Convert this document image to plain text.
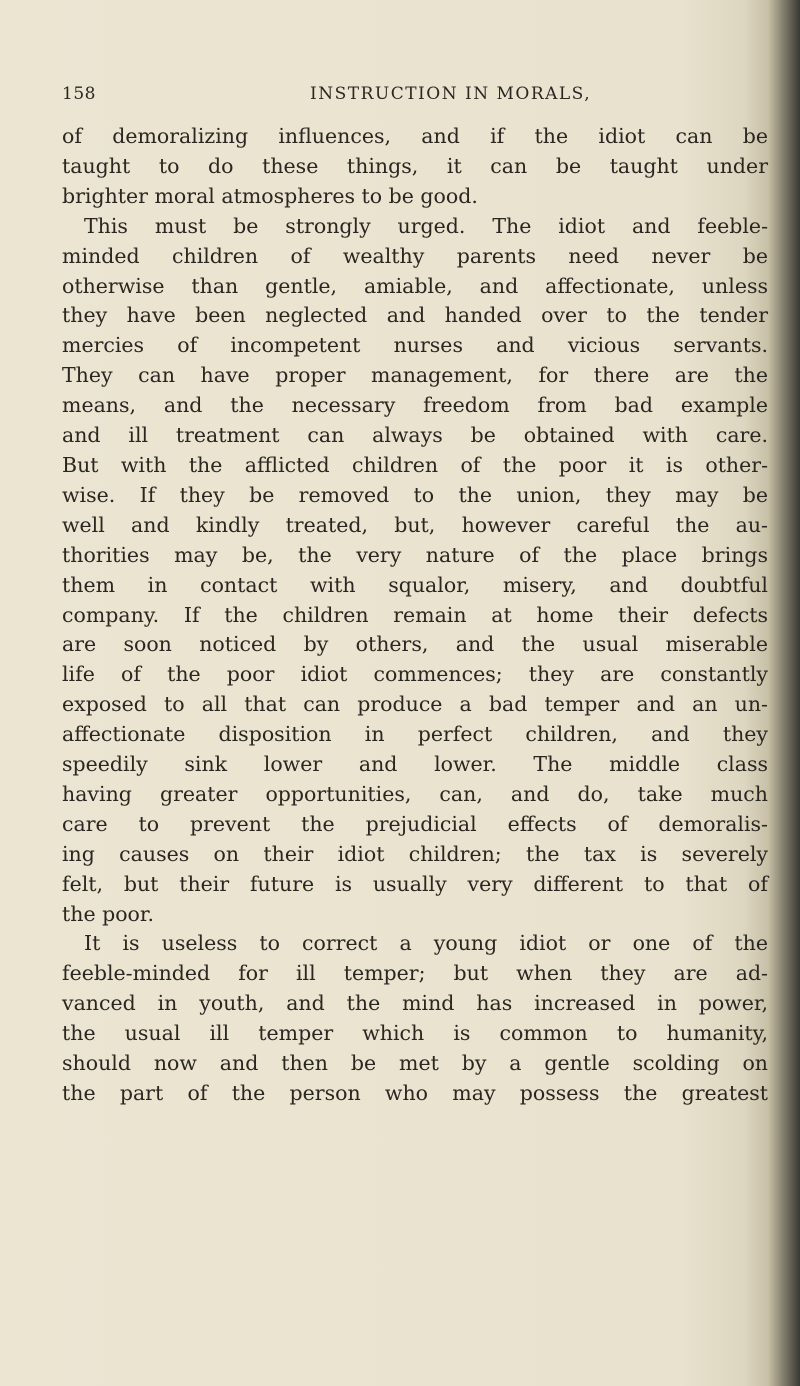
158	INSTRUCTION IN MORALS,
of demoralizing influences, and if the idiot can be
taught to do these things, it can be taught under
brighter moral atmospheres to be good.
This must be strongly urged. The idiot and feeble-
minded children of wealthy parents need never be
otherwise than gentle, amiable, and affectionate, unless
they have been neglected and handed over to the tender
mercies of incompetent nurses and vicious servants.
They can have proper management, for there are the
means, and the necessary freedom from bad example
and ill treatment can always be obtained with care.
But with the afflicted children of the poor it is other-
wise. If they be removed to the union, they may be
well and kindly treated, but, however careful the au-
thorities may be, the very nature of the place brings
them in contact with squalor, misery, and doubtful
company. If the children remain at home their defects
are soon noticed by others, and the usual miserable
life of the poor idiot commences; they are constantly
exposed to all that can produce a bad temper and an un-
affectionate disposition in perfect children, and they
speedily sink lower and lower. The middle class
having greater opportunities, can, and do, take much
care to prevent the prejudicial effects of demoralis-
ing causes on their idiot children; the tax is severely
felt, but their future is usually very different to that of
the poor.
It is useless to correct a young idiot or one of the
feeble-minded for ill temper; but when they are ad-
vanced in youth, and the mind has increased in power,
the usual ill temper which is common to humanity,
should now and then be met by a gentle scolding on
the part of the person who may possess the greatest
